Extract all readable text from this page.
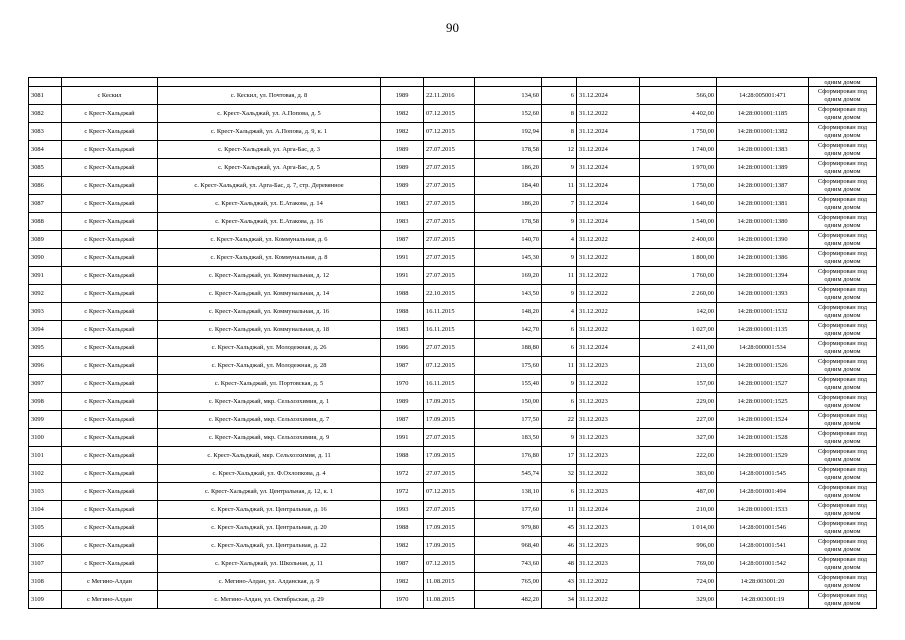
90
										одним домом
3081	с Кескил	с. Кескил, ул. Почтовая, д. 8	1989	22.11.2016	134,60	6	31.12.2024	566,00	14:28:005001:471	Сформирован под одним домом
3082	с Крест-Хальджай	с. Крест-Хальджай, ул. А.Попова, д. 5	1982	07.12.2015	152,60	8	31.12.2022	4 402,00	14:28:001001:1185	Сформирован под одним домом
3083	с Крест-Хальджай	с. Крест-Хальджай, ул. А.Попова, д. 9, к. 1	1982	07.12.2015	192,94	8	31.12.2024	1 750,00	14:28:001001:1382	Сформирован под одним домом
3084	с Крест-Хальджай	с. Крест-Хальджай, ул. Арга-Бас, д. 3	1989	27.07.2015	178,58	12	31.12.2024	1 740,00	14:28:001001:1383	Сформирован под одним домом
3085	с Крест-Хальджай	с. Крест-Хальджай, ул. Арга-Бас, д. 5	1989	27.07.2015	186,20	9	31.12.2024	1 970,00	14:28:001001:1389	Сформирован под одним домом
3086	с Крест-Хальджай	с. Крест-Хальджай, ул. Арга-Бас, д. 7, стр. Деревянное	1989	27.07.2015	184,40	11	31.12.2024	1 750,00	14:28:001001:1387	Сформирован под одним домом
3087	с Крест-Хальджай	с. Крест-Хальджай, ул. Е.Атакова, д. 14	1983	27.07.2015	186,20	7	31.12.2024	1 640,00	14:28:001001:1381	Сформирован под одним домом
3088	с Крест-Хальджай	с. Крест-Хальджай, ул. Е.Атакова, д. 16	1983	27.07.2015	178,58	9	31.12.2024	1 540,00	14:28:001001:1380	Сформирован под одним домом
3089	с Крест-Хальджай	с. Крест-Хальджай, ул. Коммунальная, д. 6	1987	27.07.2015	140,70	4	31.12.2022	2 400,00	14:28:001001:1390	Сформирован под одним домом
3090	с Крест-Хальджай	с. Крест-Хальджай, ул. Коммунальная, д. 8	1991	27.07.2015	145,30	9	31.12.2022	1 800,00	14:28:001001:1386	Сформирован под одним домом
3091	с Крест-Хальджай	с. Крест-Хальджай, ул. Коммунальная, д. 12	1991	27.07.2015	169,20	11	31.12.2022	1 760,00	14:28:001001:1394	Сформирован под одним домом
3092	с Крест-Хальджай	с. Крест-Хальджай, ул. Коммунальная, д. 14	1988	22.10.2015	143,50	9	31.12.2022	2 260,00	14:28:001001:1393	Сформирован под одним домом
3093	с Крест-Хальджай	с. Крест-Хальджай, ул. Коммунальная, д. 16	1988	16.11.2015	148,20	4	31.12.2022	142,00	14:28:001001:1532	Сформирован под одним домом
3094	с Крест-Хальджай	с. Крест-Хальджай, ул. Коммунальная, д. 18	1983	16.11.2015	142,70	6	31.12.2022	1 027,00	14:28:001001:1135	Сформирован под одним домом
3095	с Крест-Хальджай	с. Крест-Хальджай, ул. Молодежная, д. 26	1986	27.07.2015	188,80	6	31.12.2024	2 411,00	14:28:000001:534	Сформирован под одним домом
3096	с Крест-Хальджай	с. Крест-Хальджай, ул. Молодежная, д. 28	1987	07.12.2015	175,60	11	31.12.2023	213,00	14:28:001001:1526	Сформирован под одним домом
3097	с Крест-Хальджай	с. Крест-Хальджай, ул. Портовская, д. 5	1970	16.11.2015	155,40	9	31.12.2022	157,00	14:28:001001:1527	Сформирован под одним домом
3098	с Крест-Хальджай	с. Крест-Хальджай, мкр. Сельхозхимия, д. 1	1989	17.09.2015	150,00	6	31.12.2023	229,00	14:28:001001:1525	Сформирован под одним домом
3099	с Крест-Хальджай	с. Крест-Хальджай, мкр. Сельхозхимия, д. 7	1987	17.09.2015	177,50	22	31.12.2023	227,00	14:28:001001:1524	Сформирован под одним домом
3100	с Крест-Хальджай	с. Крест-Хальджай, мкр. Сельхозхимия, д. 9	1991	27.07.2015	183,50	9	31.12.2023	327,00	14:28:001001:1528	Сформирован под одним домом
3101	с Крест-Хальджай	с. Крест-Хальджай, мкр. Сельхозхимия, д. 11	1988	17.09.2015	176,80	17	31.12.2023	222,00	14:28:001001:1529	Сформирован под одним домом
3102	с Крест-Хальджай	с. Крест-Хальджай, ул. Ф.Охлопкова, д. 4	1972	27.07.2015	545,74	32	31.12.2022	383,00	14:28:001001:545	Сформирован под одним домом
3103	с Крест-Хальджай	с. Крест-Хальджай, ул. Центральная, д. 12, к. 1	1972	07.12.2015	138,10	6	31.12.2023	487,00	14:28:001001:494	Сформирован под одним домом
3104	с Крест-Хальджай	с. Крест-Хальджай, ул. Центральная, д. 16	1993	27.07.2015	177,60	11	31.12.2024	210,00	14:28:001001:1533	Сформирован под одним домом
3105	с Крест-Хальджай	с. Крест-Хальджай, ул. Центральная, д. 20	1988	17.09.2015	979,80	45	31.12.2023	1 014,00	14:28:001001:546	Сформирован под одним домом
3106	с Крест-Хальджай	с. Крест-Хальджай, ул. Центральная, д. 22	1982	17.09.2015	968,40	46	31.12.2023	996,00	14:28:001001:541	Сформирован под одним домом
3107	с Крест-Хальджай	с. Крест-Хальджай, ул. Школьная, д. 11	1987	07.12.2015	743,60	48	31.12.2023	769,00	14:28:001001:542	Сформирован под одним домом
3108	с Мегино-Алдан	с. Мегино-Алдан, ул. Алданская, д. 9	1982	11.08.2015	765,00	43	31.12.2022	724,00	14:28:003001:20	Сформирован под одним домом
3109	с Мегино-Алдан	с. Мегино-Алдан, ул. Октябрьская, д. 29	1970	11.08.2015	482,20	34	31.12.2022	329,00	14:28:003001:19	Сформирован под одним домом
